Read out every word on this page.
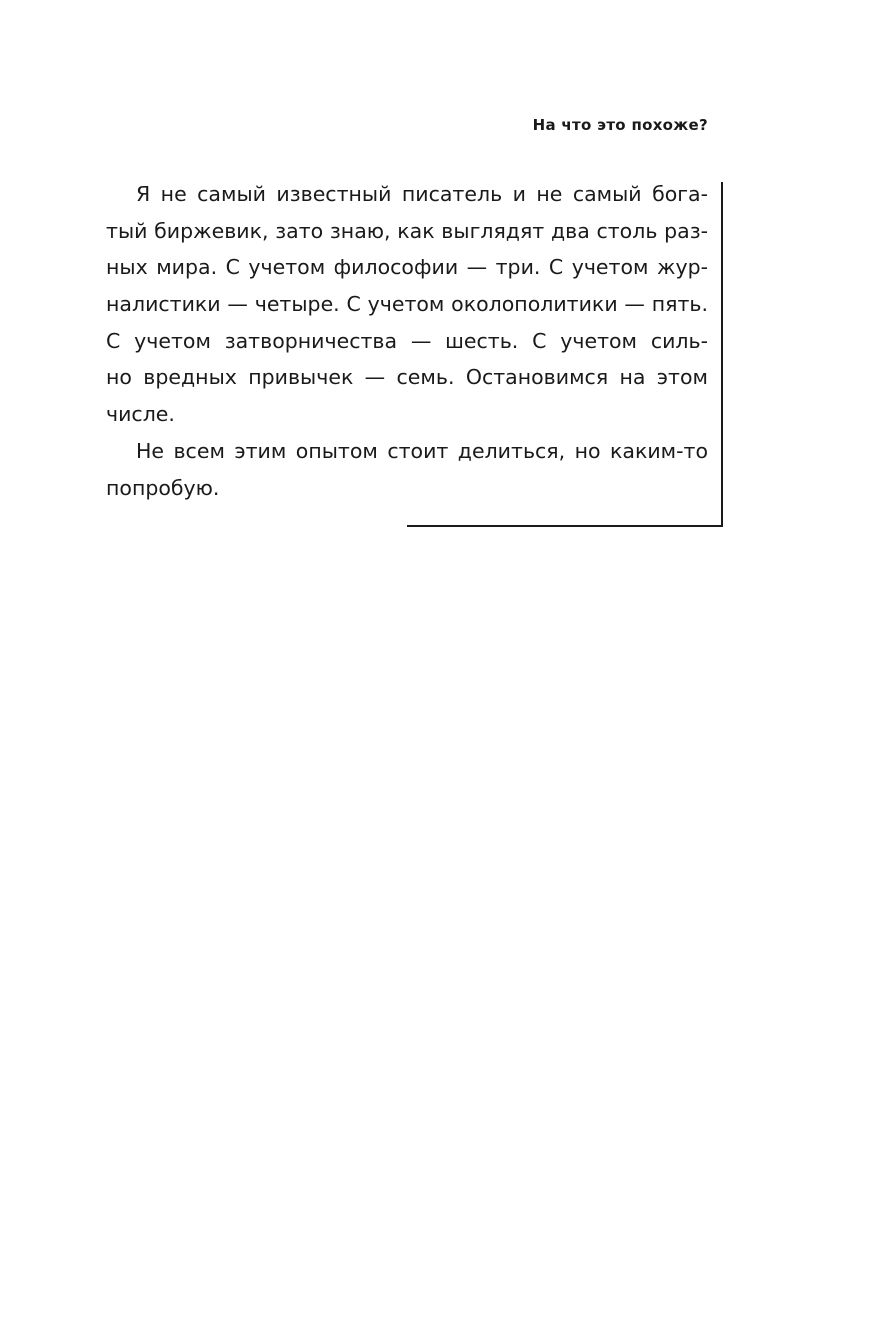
На что это похоже?
Я не самый известный писатель и не самый бога-
тый биржевик, зато знаю, как выглядят два столь раз-
ных мира. С учетом философии — три. С учетом жур-
налистики — четыре. С учетом околополитики — пять.
С учетом затворничества — шесть. С учетом силь-
но вредных привычек — семь. Остановимся на этом
числе.
Не всем этим опытом стоит делиться, но каким-то
попробую.
